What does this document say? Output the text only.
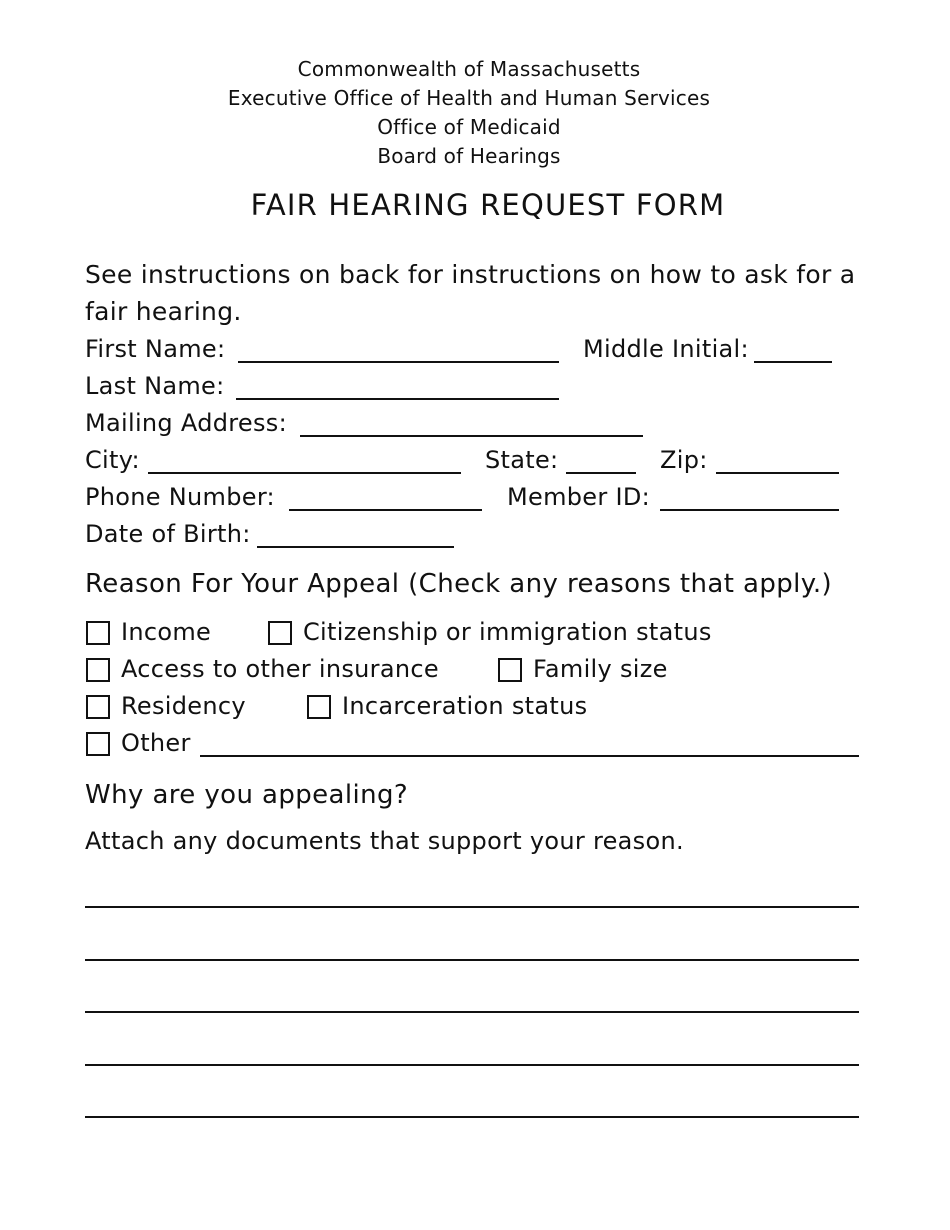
Commonwealth of Massachusetts
Executive Office of Health and Human Services
Office of Medicaid
Board of Hearings
FAIR HEARING REQUEST FORM
See instructions on back for instructions on how to ask for a
fair hearing.
First Name:	Middle Initial:
Last Name:
Mailing Address:
City:	State:	Zip:
Phone Number:	Member ID:
Date of Birth:
Reason For Your Appeal (Check any reasons that apply.)
Income	Citizenship or immigration status
Access to other insurance	Family size
Residency	Incarceration status
Other
Why are you appealing?
Attach any documents that support your reason.
